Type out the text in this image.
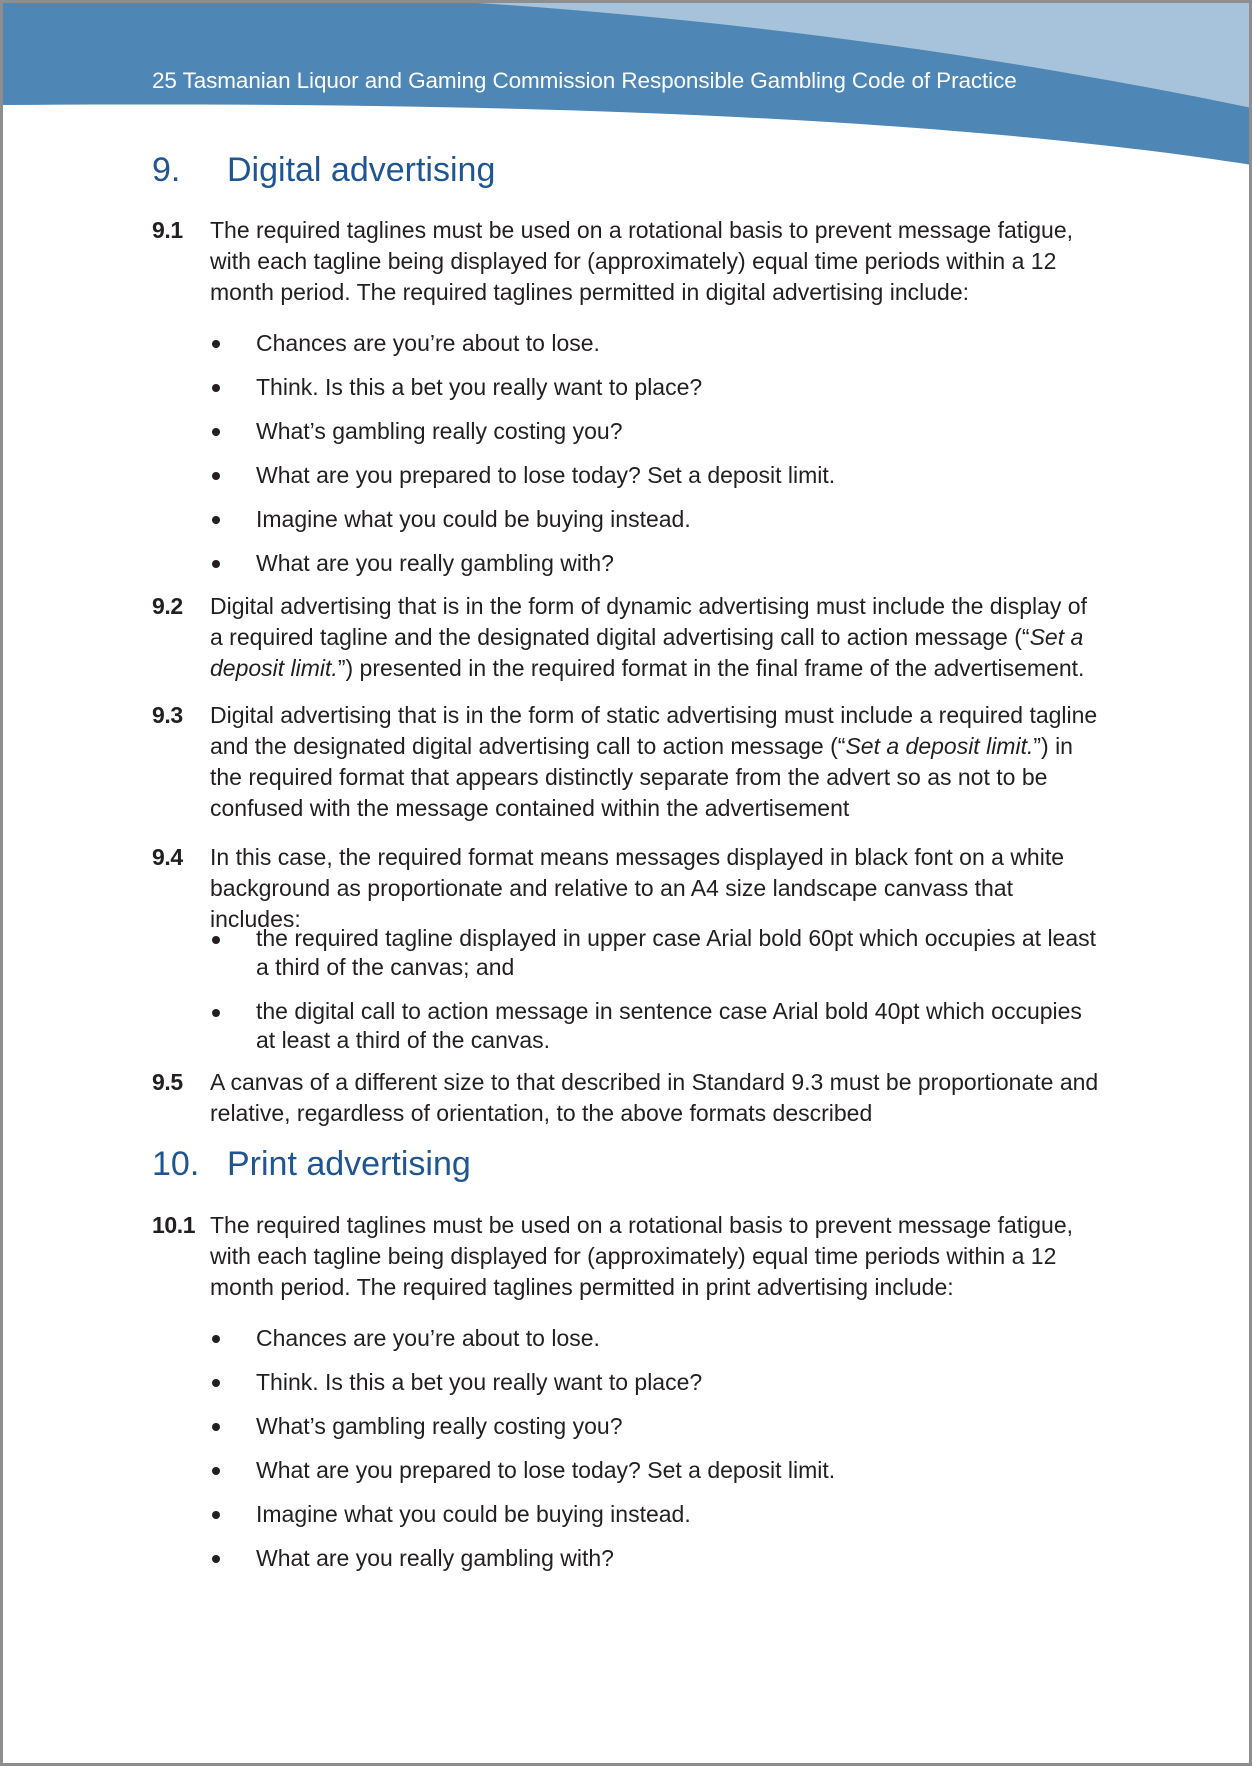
25 Tasmanian Liquor and Gaming Commission Responsible Gambling Code of Practice
9. Digital advertising
9.1	The required taglines must be used on a rotational basis to prevent message fatigue, with each tagline being displayed for (approximately) equal time periods within a 12 month period. The required taglines permitted in digital advertising include:
Chances are you’re about to lose.
Think. Is this a bet you really want to place?
What’s gambling really costing you?
What are you prepared to lose today? Set a deposit limit.
Imagine what you could be buying instead.
What are you really gambling with?
9.2	Digital advertising that is in the form of dynamic advertising must include the display of a required tagline and the designated digital advertising call to action message (“Set a deposit limit.”) presented in the required format in the final frame of the advertisement.
9.3	Digital advertising that is in the form of static advertising must include a required tagline and the designated digital advertising call to action message (“Set a deposit limit.”) in the required format that appears distinctly separate from the advert so as not to be confused with the message contained within the advertisement
9.4	In this case, the required format means messages displayed in black font on a white background as proportionate and relative to an A4 size landscape canvass that includes:
the required tagline displayed in upper case Arial bold 60pt which occupies at least a third of the canvas; and
the digital call to action message in sentence case Arial bold 40pt which occupies at least a third of the canvas.
9.5	A canvas of a different size to that described in Standard 9.3 must be proportionate and relative, regardless of orientation, to the above formats described
10. Print advertising
10.1 The required taglines must be used on a rotational basis to prevent message fatigue, with each tagline being displayed for (approximately) equal time periods within a 12 month period. The required taglines permitted in print advertising include:
Chances are you’re about to lose.
Think. Is this a bet you really want to place?
What’s gambling really costing you?
What are you prepared to lose today? Set a deposit limit.
Imagine what you could be buying instead.
What are you really gambling with?
